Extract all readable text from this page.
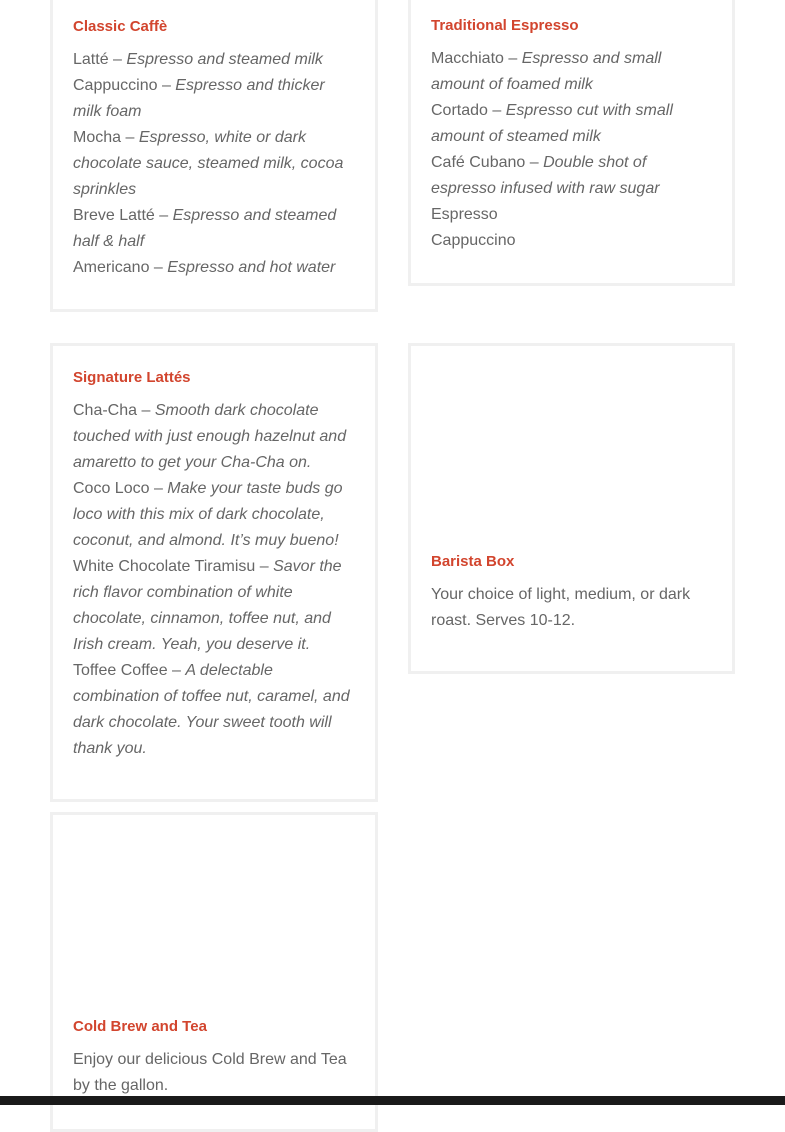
Classic Caffè
Latté – Espresso and steamed milk
Cappuccino – Espresso and thicker milk foam
Mocha – Espresso, white or dark chocolate sauce, steamed milk, cocoa sprinkles
Breve Latté – Espresso and steamed half & half
Americano – Espresso and hot water
Traditional Espresso
Macchiato – Espresso and small amount of foamed milk
Cortado – Espresso cut with small amount of steamed milk
Café Cubano – Double shot of espresso infused with raw sugar
Espresso
Cappuccino
Signature Lattés
Cha-Cha – Smooth dark chocolate touched with just enough hazelnut and amaretto to get your Cha-Cha on.
Coco Loco – Make your taste buds go loco with this mix of dark chocolate, coconut, and almond. It’s muy bueno!
White Chocolate Tiramisu – Savor the rich flavor combination of white chocolate, cinnamon, toffee nut, and Irish cream. Yeah, you deserve it.
Toffee Coffee – A delectable combination of toffee nut, caramel, and dark chocolate. Your sweet tooth will thank you.
Barista Box

Your choice of light, medium, or dark roast. Serves 10-12.

Cold Brew and Tea

Enjoy our delicious Cold Brew and Tea by the gallon.
